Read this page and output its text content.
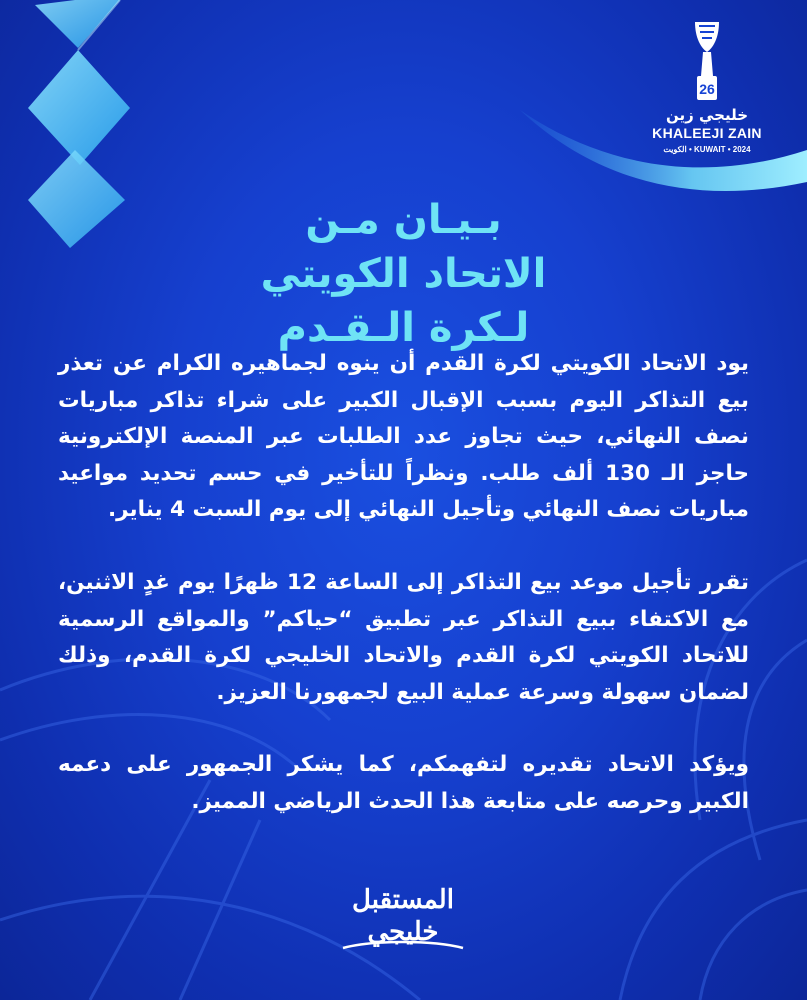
26
خليجي زين
KHALEEJI ZAIN
KUWAIT • 2024 • الكويت
بـيـان مـن
الاتحاد الكويتي
لـكرة الـقـدم

يود الاتحاد الكويتي لكرة القدم أن ينوه لجماهيره الكرام عن تعذر بيع التذاكر اليوم بسبب الإقبال الكبير على شراء تذاكر مباريات نصف النهائي، حيث تجاوز عدد الطلبات عبر المنصة الإلكترونية حاجز الـ 130 ألف طلب. ونظراً للتأخير في حسم تحديد مواعيد مباريات نصف النهائي وتأجيل النهائي إلى يوم السبت 4 يناير.

تقرر تأجيل موعد بيع التذاكر إلى الساعة 12 ظهرًا يوم غدٍ الاثنين، مع الاكتفاء ببيع التذاكر عبر تطبيق “حياكم” والمواقع الرسمية للاتحاد الكويتي لكرة القدم والاتحاد الخليجي لكرة القدم، وذلك لضمان سهولة وسرعة عملية البيع لجمهورنا العزيز.

ويؤكد الاتحاد تقديره لتفهمكم، كما يشكر الجمهور على دعمه الكبير وحرصه على متابعة هذا الحدث الرياضي المميز.

المستقبل
خليجي
